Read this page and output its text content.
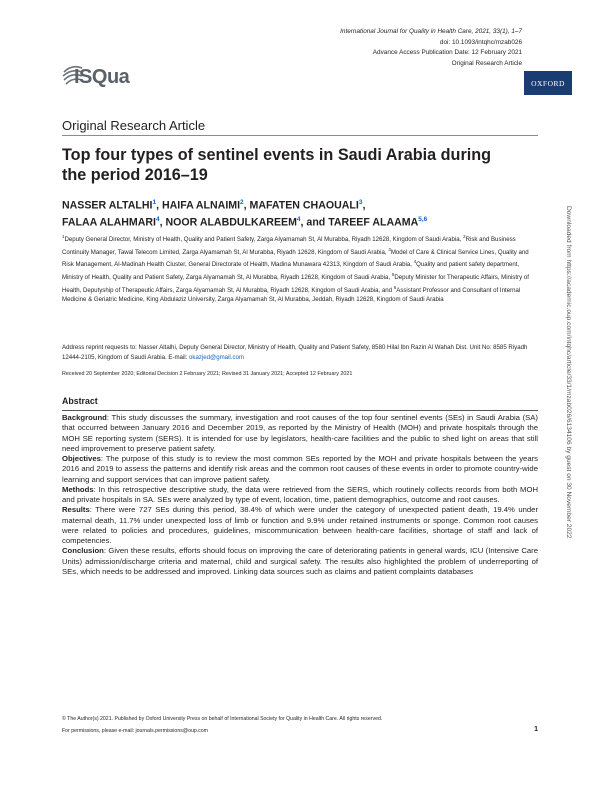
International Journal for Quality in Health Care, 2021, 33(1), 1–7
doi: 10.1093/intqhc/mzab026
Advance Access Publication Date: 12 February 2021
Original Research Article
OXFORD
ISQua
Original Research Article
Top four types of sentinel events in Saudi Arabia during the period 2016–19
NASSER ALTALHI$^1$, HAIFA ALNAIMI$^2$, MAFATEN CHAOUALI$^3$,
FALAA ALAHMARI$^4$, NOOR ALABDULKAREEM$^4$, and TAREEF ALAAMA$^{5,6}$
$^1$Deputy General Director, Ministry of Health, Quality and Patient Safety, Zarga Alyamamah St, Al Murabba, Riyadh 12628, Kingdom of Saudi Arabia, $^2$Risk and Business Continuity Manager, Tawal Telecom Limited, Zarga Alyamamah St, Al Murabba, Riyadh 12628, Kingdom of Saudi Arabia, $^3$Model of Care & Clinical Service Lines, Quality and Risk Management, Al-Madinah Health Cluster, General Directorate of Health, Madina Munawara 42313, Kingdom of Saudi Arabia, $^4$Quality and patient safety department, Ministry of Health, Quality and Patient Safety, Zarga Alyamamah St, Al Murabba, Riyadh 12628, Kingdom of Saudi Arabia, $^5$Deputy Minister for Therapeutic Affairs, Ministry of Health, Deputyship of Therapeutic Affairs, Zarga Alyamamah St, Al Murabba, Riyadh 12628, Kingdom of Saudi Arabia, and $^6$Assistant Professor and Consultant of Internal Medicine & Geriatric Medicine, King Abdulaziz University, Zarga Alyamamah St, Al Murabba, Jeddah, Riyadh 12628, Kingdom of Saudi Arabia
Address reprint requests to: Nasser Altalhi, Deputy General Director, Ministry of Health, Quality and Patient Safety, 8580 Hilal Ibn Razin Al Wahah Dist. Unit No: 8585 Riyadh 12444-2105, Kingdom of Saudi Arabia. E-mail: okazjed@gmail.com
Received 20 September 2020; Editorial Decision 2 February 2021; Revised 31 January 2021; Accepted 12 February 2021
Abstract

Background: This study discusses the summary, investigation and root causes of the top four sentinel events (SEs) in Saudi Arabia (SA) that occurred between January 2016 and December 2019, as reported by the Ministry of Health (MOH) and private hospitals through the MOH SE reporting system (SERS). It is intended for use by legislators, health-care facilities and the public to shed light on areas that still need improvement to preserve patient safety.

Objectives: The purpose of this study is to review the most common SEs reported by the MOH and private hospitals between the years 2016 and 2019 to assess the patterns and identify risk areas and the common root causes of these events in order to promote country-wide learning and support services that can improve patient safety.

Methods: In this retrospective descriptive study, the data were retrieved from the SERS, which routinely collects records from both MOH and private hospitals in SA. SEs were analyzed by type of event, location, time, patient demographics, outcome and root causes.

Results: There were 727 SEs during this period, 38.4% of which were under the category of unexpected patient death, 19.4% under maternal death, 11.7% under unexpected loss of limb or function and 9.9% under retained instruments or sponge. Common root causes were related to policies and procedures, guidelines, miscommunication between health-care facilities, shortage of staff and lack of competencies.

Conclusion: Given these results, efforts should focus on improving the care of deteriorating patients in general wards, ICU (Intensive Care Units) admission/discharge criteria and maternal, child and surgical safety. The results also highlighted the problem of underreporting of SEs, which needs to be addressed and improved. Linking data sources such as claims and patient complaints databases

© The Author(s) 2021. Published by Oxford University Press on behalf of International Society for Quality in Health Care. All rights reserved.
For permissions, please e-mail: journals.permissions@oup.com	1
Downloaded from https://academic.oup.com/intqhc/article/33/1/mzab026/6134106 by guest on 30 November 2022
